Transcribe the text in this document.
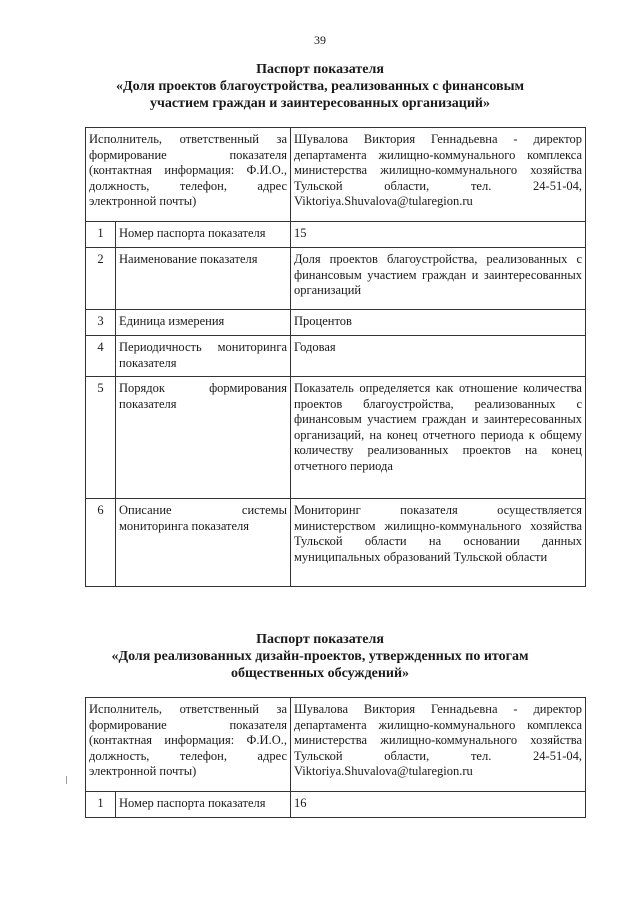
39
Паспорт показателя
«Доля проектов благоустройства, реализованных с финансовым
участием граждан и заинтересованных организаций»
Исполнитель, ответственный за формирование показателя (контактная информация: Ф.И.О., должность, телефон, адрес электронной почты)		Шувалова Виктория Геннадьевна - директор департамента жилищно-коммунального комплекса министерства жилищно-коммунального хозяйства Тульской области, тел. 24-51-04, Viktoriya.Shuvalova@tularegion.ru
1	Номер паспорта показателя	15
2	Наименование показателя	Доля проектов благоустройства, реализованных с финансовым участием граждан и заинтересованных организаций
3	Единица измерения	Процентов
4	Периодичность мониторинга показателя	Годовая
5	Порядок формирования показателя	Показатель определяется как отношение количества проектов благоустройства, реализованных с финансовым участием граждан и заинтересованных организаций, на конец отчетного периода к общему количеству реализованных проектов на конец отчетного периода
6	Описание системы мониторинга показателя	Мониторинг показателя осуществляется министерством жилищно-коммунального хозяйства Тульской области на основании данных муниципальных образований Тульской области
Паспорт показателя
«Доля реализованных дизайн-проектов, утвержденных по итогам
общественных обсуждений»
Исполнитель, ответственный за формирование показателя (контактная информация: Ф.И.О., должность, телефон, адрес электронной почты)		Шувалова Виктория Геннадьевна - директор департамента жилищно-коммунального комплекса министерства жилищно-коммунального хозяйства Тульской области, тел. 24-51-04, Viktoriya.Shuvalova@tularegion.ru
1	Номер паспорта показателя	16
